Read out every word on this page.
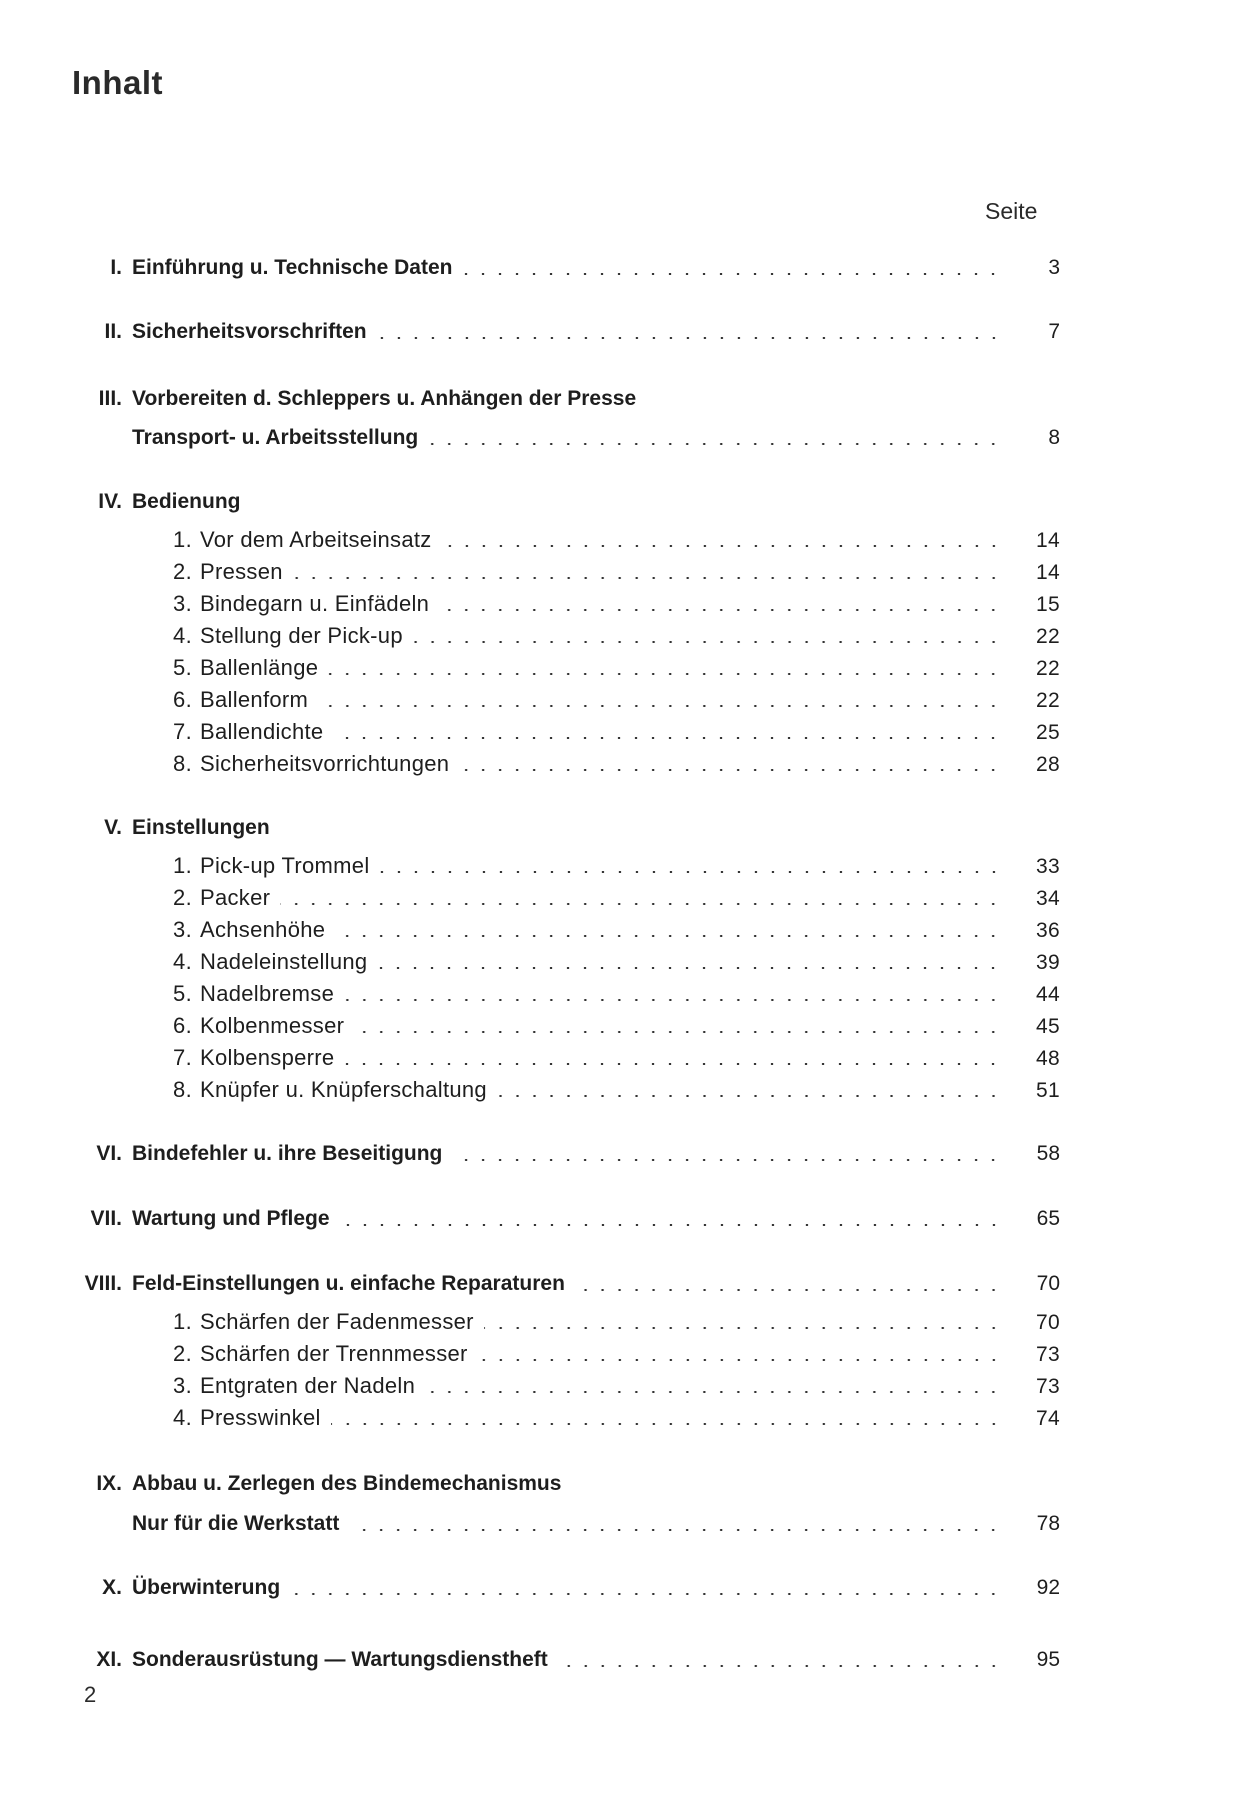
Inhalt
Seite
I. Einführung u. Technische Daten	3
II. Sicherheitsvorschriften	7
III. Vorbereiten d. Schleppers u. Anhängen der Presse
Transport- u. Arbeitsstellung	8
IV. Bedienung
1. Vor dem Arbeitseinsatz	14
2. Pressen	14
3. Bindegarn u. Einfädeln	15
4. Stellung der Pick-up	22
5. Ballenlänge	22
6. Ballenform	22
7. Ballendichte	25
8. Sicherheitsvorrichtungen	28
V. Einstellungen
1. Pick-up Trommel	33
2. Packer	34
3. Achsenhöhe	36
4. Nadeleinstellung	39
5. Nadelbremse	44
6. Kolbenmesser	45
7. Kolbensperre	48
8. Knüpfer u. Knüpferschaltung	51
VI. Bindefehler u. ihre Beseitigung	58
VII. Wartung und Pflege	65
VIII. Feld-Einstellungen u. einfache Reparaturen	70
1. Schärfen der Fadenmesser	70
2. Schärfen der Trennmesser	73
3. Entgraten der Nadeln	73
4. Presswinkel	74
IX. Abbau u. Zerlegen des Bindemechanismus
Nur für die Werkstatt	78
X. Überwinterung	92
XI. Sonderausrüstung — Wartungsdienstheft	95
2
